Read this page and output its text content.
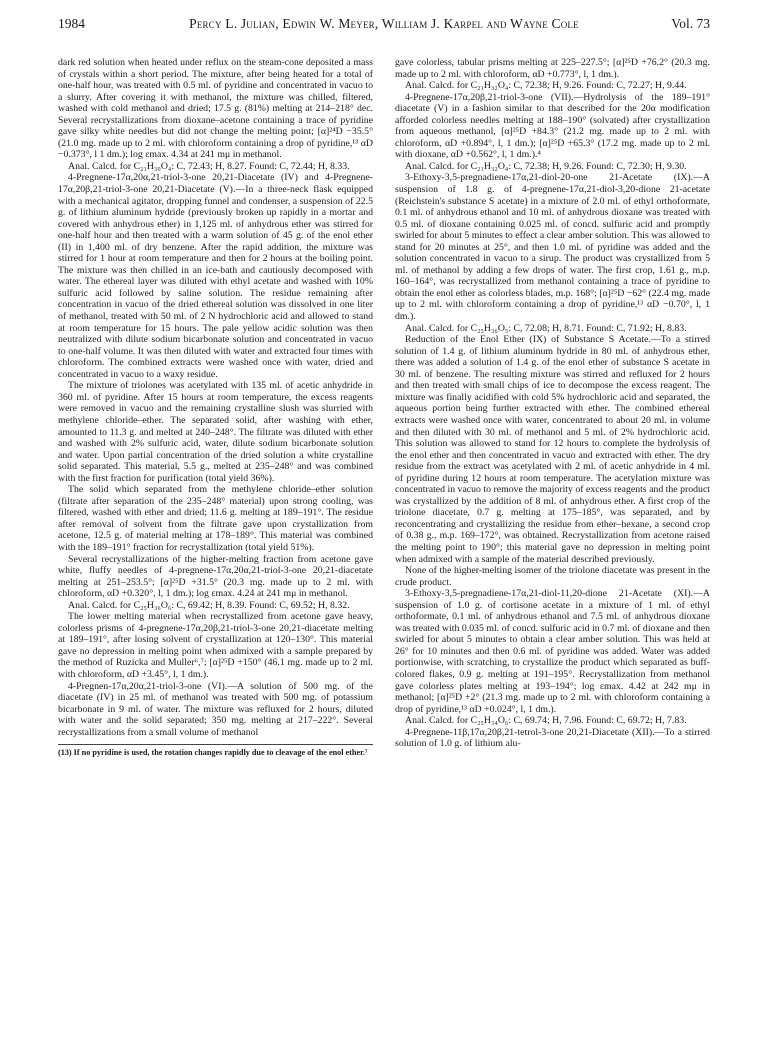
1984	Percy L. Julian, Edwin W. Meyer, William J. Karpel and Wayne Cole	Vol. 73

dark red solution when heated under reflux on the steam-cone deposited a mass of crystals within a short period. The mixture, after being heated for a total of one-half hour, was treated with 0.5 ml. of pyridine and concentrated in vacuo to a slurry. After covering it with methanol, the mixture was chilled, filtered, washed with cold methanol and dried; 17.5 g. (81%) melting at 214–218° dec. Several recrystallizations from dioxane–acetone containing a trace of pyridine gave silky white needles but did not change the melting point; [α]²⁴D −35.5° (21.0 mg. made up to 2 ml. with chloroform containing a drop of pyridine,¹³ αD −0.373°, l 1 dm.); log εmax. 4.34 at 241 mμ in methanol.

Anal. Calcd. for C₂₁H₃₀O₄: C, 72.43; H, 8.27. Found: C, 72.44; H, 8.33.

4-Pregnene-17α,20α,21-triol-3-one 20,21-Diacetate (IV) and 4-Pregnene-17α,20β,21-triol-3-one 20,21-Diacetate (V).—In a three-neck flask equipped with a mechanical agitator, dropping funnel and condenser, a suspension of 22.5 g. of lithium aluminum hydride (previously broken up rapidly in a mortar and covered with anhydrous ether) in 1,125 ml. of anhydrous ether was stirred for one-half hour and then treated with a warm solution of 45 g. of the enol ether (II) in 1,400 ml. of dry benzene. After the rapid addition, the mixture was stirred for 1 hour at room temperature and then for 2 hours at the boiling point. The mixture was then chilled in an ice-bath and cautiously decomposed with water. The ethereal layer was diluted with ethyl acetate and washed with 10% sulfuric acid followed by saline solution. The residue remaining after concentration in vacuo of the dried ethereal solution was dissolved in one liter of methanol, treated with 50 ml. of 2 N hydrochloric acid and allowed to stand at room temperature for 15 hours. The pale yellow acidic solution was then neutralized with dilute sodium bicarbonate solution and concentrated in vacuo to one-half volume. It was then diluted with water and extracted four times with chloroform. The combined extracts were washed once with water, dried and concentrated in vacuo to a waxy residue.

The mixture of triolones was acetylated with 135 ml. of acetic anhydride in 360 ml. of pyridine. After 15 hours at room temperature, the excess reagents were removed in vacuo and the remaining crystalline slush was slurried with methylene chloride–ether. The separated solid, after washing with ether, amounted to 11.3 g. and melted at 240–248°. The filtrate was diluted with ether and washed with 2% sulfuric acid, water, dilute sodium bicarbonate solution and water. Upon partial concentration of the dried solution a white crystalline solid separated. This material, 5.5 g., melted at 235–248° and was combined with the first fraction for purification (total yield 36%).

The solid which separated from the methylene chloride–ether solution (filtrate after separation of the 235–248° material) upon strong cooling, was filtered, washed with ether and dried; 11.6 g. melting at 189–191°. The residue after removal of solvent from the filtrate gave upon crystallization from acetone, 12.5 g. of material melting at 178–189°. This material was combined with the 189–191° fraction for recrystallization (total yield 51%).

Several recrystallizations of the higher-melting fraction from acetone gave white, fluffy needles of 4-pregnene-17α,20α,21-triol-3-one 20,21-diacetate melting at 251–253.5°; [α]²⁵D +31.5° (20.3 mg. made up to 2 ml. with chloroform, αD +0.320°, l, 1 dm.); log εmax. 4.24 at 241 mμ in methanol.

Anal. Calcd. for C₂₅H₃₆O₆: C, 69.42; H, 8.39. Found: C, 69.52; H, 8.32.

The lower melting material when recrystallized from acetone gave heavy, colorless prisms of 4-pregnene-17α,20β,21-triol-3-one 20,21-diacetate melting at 189–191°, after losing solvent of crystallization at 120–130°. This material gave no depression in melting point when admixed with a sample prepared by the method of Ruzicka and Muller⁶,⁷; [α]²⁵D +150° (46.1 mg. made up to 2 ml. with chloroform, αD +3.45°, l, 1 dm.).

4-Pregnen-17α,20α,21-triol-3-one (VI).—A solution of 500 mg. of the diacetate (IV) in 25 ml. of methanol was treated with 500 mg. of potassium bicarbonate in 9 ml. of water. The mixture was refluxed for 2 hours, diluted with water and the solid separated; 350 mg. melting at 217–222°. Several recrystallizations from a small volume of methanol

(13) If no pyridine is used, the rotation changes rapidly due to cleavage of the enol ether.⁷

gave colorless, tabular prisms melting at 225–227.5°; [α]²⁵D +76.2° (20.3 mg. made up to 2 ml. with chloroform, αD +0.773°, l, 1 dm.).

Anal. Calcd. for C₂₁H₃₂O₄: C, 72.38; H, 9.26. Found: C, 72.27; H, 9.44.

4-Pregnene-17α,20β,21-triol-3-one (VII).—Hydrolysis of the 189–191° diacetate (V) in a fashion similar to that described for the 20α modification afforded colorless needles melting at 188–190° (solvated) after crystallization from aqueous methanol, [α]²⁵D +84.3° (21.2 mg. made up to 2 ml. with chloroform, αD +0.894°, l, 1 dm.); [α]²⁵D +65.3° (17.2 mg. made up to 2 ml. with dioxane, αD +0.562°, l, 1 dm.).⁴

Anal. Calcd. for C₂₁H₃₂O₄: C, 72.38; H, 9.26. Found: C, 72.30; H, 9.30.

3-Ethoxy-3,5-pregnadiene-17α,21-diol-20-one 21-Acetate (IX).—A suspension of 1.8 g. of 4-pregnene-17α,21-diol-3,20-dione 21-acetate (Reichstein's substance S acetate) in a mixture of 2.0 ml. of ethyl orthoformate, 0.1 ml. of anhydrous ethanol and 10 ml. of anhydrous dioxane was treated with 0.5 ml. of dioxane containing 0.025 ml. of concd. sulfuric acid and promptly swirled for about 5 minutes to effect a clear amber solution. This was allowed to stand for 20 minutes at 25°, and then 1.0 ml. of pyridine was added and the solution concentrated in vacuo to a sirup. The product was crystallized from 5 ml. of methanol by adding a few drops of water. The first crop, 1.61 g., m.p. 160–164°, was recrystallized from methanol containing a trace of pyridine to obtain the enol ether as colorless blades, m.p. 168°; [α]²⁵D −62° (22.4 mg. made up to 2 ml. with chloroform containing a drop of pyridine,¹³ αD −0.70°, l, 1 dm.).

Anal. Calcd. for C₂₅H₃₆O₅: C, 72.08; H, 8.71. Found: C, 71.92; H, 8.83.

Reduction of the Enol Ether (IX) of Substance S Acetate.—To a stirred solution of 1.4 g. of lithium aluminum hydride in 80 ml. of anhydrous ether, there was added a solution of 1.4 g. of the enol ether of substance S acetate in 30 ml. of benzene. The resulting mixture was stirred and refluxed for 2 hours and then treated with small chips of ice to decompose the excess reagent. The mixture was finally acidified with cold 5% hydrochloric acid and separated, the aqueous portion being further extracted with ether. The combined ethereal extracts were washed once with water, concentrated to about 20 ml. in volume and then diluted with 30 ml. of methanol and 5 ml. of 2% hydrochloric acid. This solution was allowed to stand for 12 hours to complete the hydrolysis of the enol ether and then concentrated in vacuo and extracted with ether. The dry residue from the extract was acetylated with 2 ml. of acetic anhydride in 4 ml. of pyridine during 12 hours at room temperature. The acetylation mixture was concentrated in vacuo to remove the majority of excess reagents and the product was crystallized by the addition of 8 ml. of anhydrous ether. A first crop of the triolone diacetate, 0.7 g. melting at 175–185°, was separated, and by reconcentrating and crystallizing the residue from ether–hexane, a second crop of 0.38 g., m.p. 169–172°, was obtained. Recrystallization from acetone raised the melting point to 190°; this material gave no depression in melting point when admixed with a sample of the material described previously.

None of the higher-melting isomer of the triolone diacetate was present in the crude product.

3-Ethoxy-3,5-pregnadiene-17α,21-diol-11,20-dione 21-Acetate (XI).—A suspension of 1.0 g. of cortisone acetate in a mixture of 1 ml. of ethyl orthoformate, 0.1 ml. of anhydrous ethanol and 7.5 ml. of anhydrous dioxane was treated with 0.035 ml. of concd. sulfuric acid in 0.7 ml. of dioxane and then swirled for about 5 minutes to obtain a clear amber solution. This was held at 26° for 10 minutes and then 0.6 ml. of pyridine was added. Water was added portionwise, with scratching, to crystallize the product which separated as buff-colored flakes, 0.9 g. melting at 191–195°. Recrystallization from methanol gave colorless plates melting at 193–194°; log εmax. 4.42 at 242 mμ in methanol; [α]²⁵D +2° (21.3 mg. made up to 2 ml. with chloroform containing a drop of pyridine,¹³ αD +0.024°, l, 1 dm.).

Anal. Calcd. for C₂₅H₃₄O₆: C, 69.74; H, 7.96. Found: C, 69.72; H, 7.83.

4-Pregnene-11β,17α,20β,21-tetrol-3-one 20,21-Diacetate (XII).—To a stirred solution of 1.0 g. of lithium alu-
